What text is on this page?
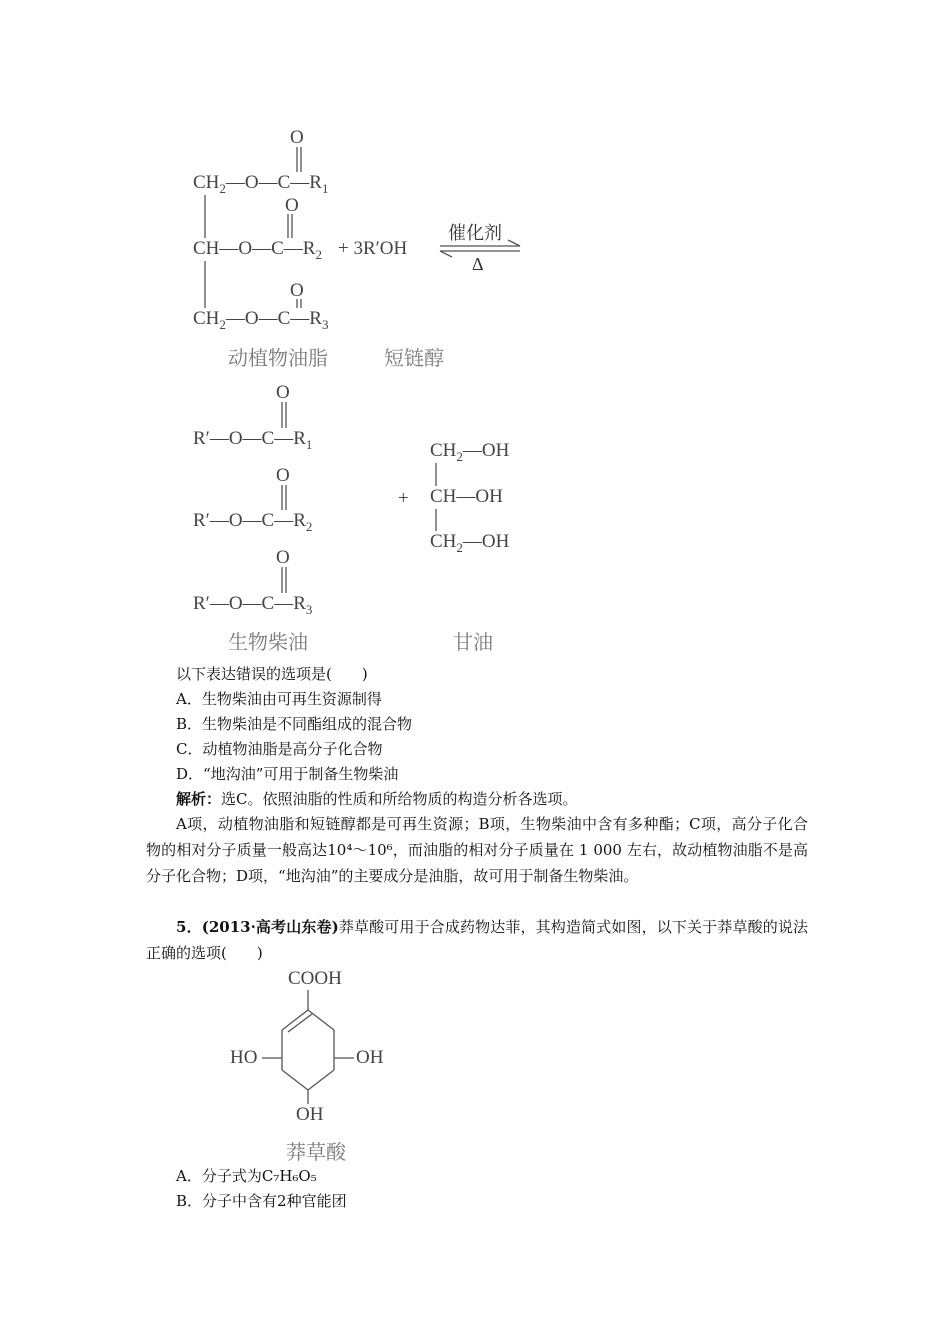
O
$CH_2—O—C—R_1$
O
$CH—O—C—R_2$
O
$CH_2—O—C—R_3$
+ 3R′OH
催化剂
Δ
动植物油脂	短链醇
O
$R'—O—C—R_1$
O
$R'—O—C—R_2$
O
$R'—O—C—R_3$
+
$CH_2—OH$
CH—OH
$CH_2—OH$
生物柴油	甘油
以下表达错误的选项是(　　)
A．生物柴油由可再生资源制得
B．生物柴油是不同酯组成的混合物
C．动植物油脂是高分子化合物
D．“地沟油”可用于制备生物柴油
解析：选C。依照油脂的性质和所给物质的构造分析各选项。
A项，动植物油脂和短链醇都是可再生资源；B项，生物柴油中含有多种酯；C项，高分子化合物的相对分子质量一般高达10⁴～10⁶，而油脂的相对分子质量在 1 000 左右，故动植物油脂不是高分子化合物；D项，“地沟油”的主要成分是油脂，故可用于制备生物柴油。
5．(2013·高考山东卷)莽草酸可用于合成药物达菲，其构造简式如图，以下关于莽草酸的说法正确的选项(　　)
COOH
HO	OH
OH
莽草酸
A．分子式为C₇H₆O₅
B．分子中含有2种官能团
